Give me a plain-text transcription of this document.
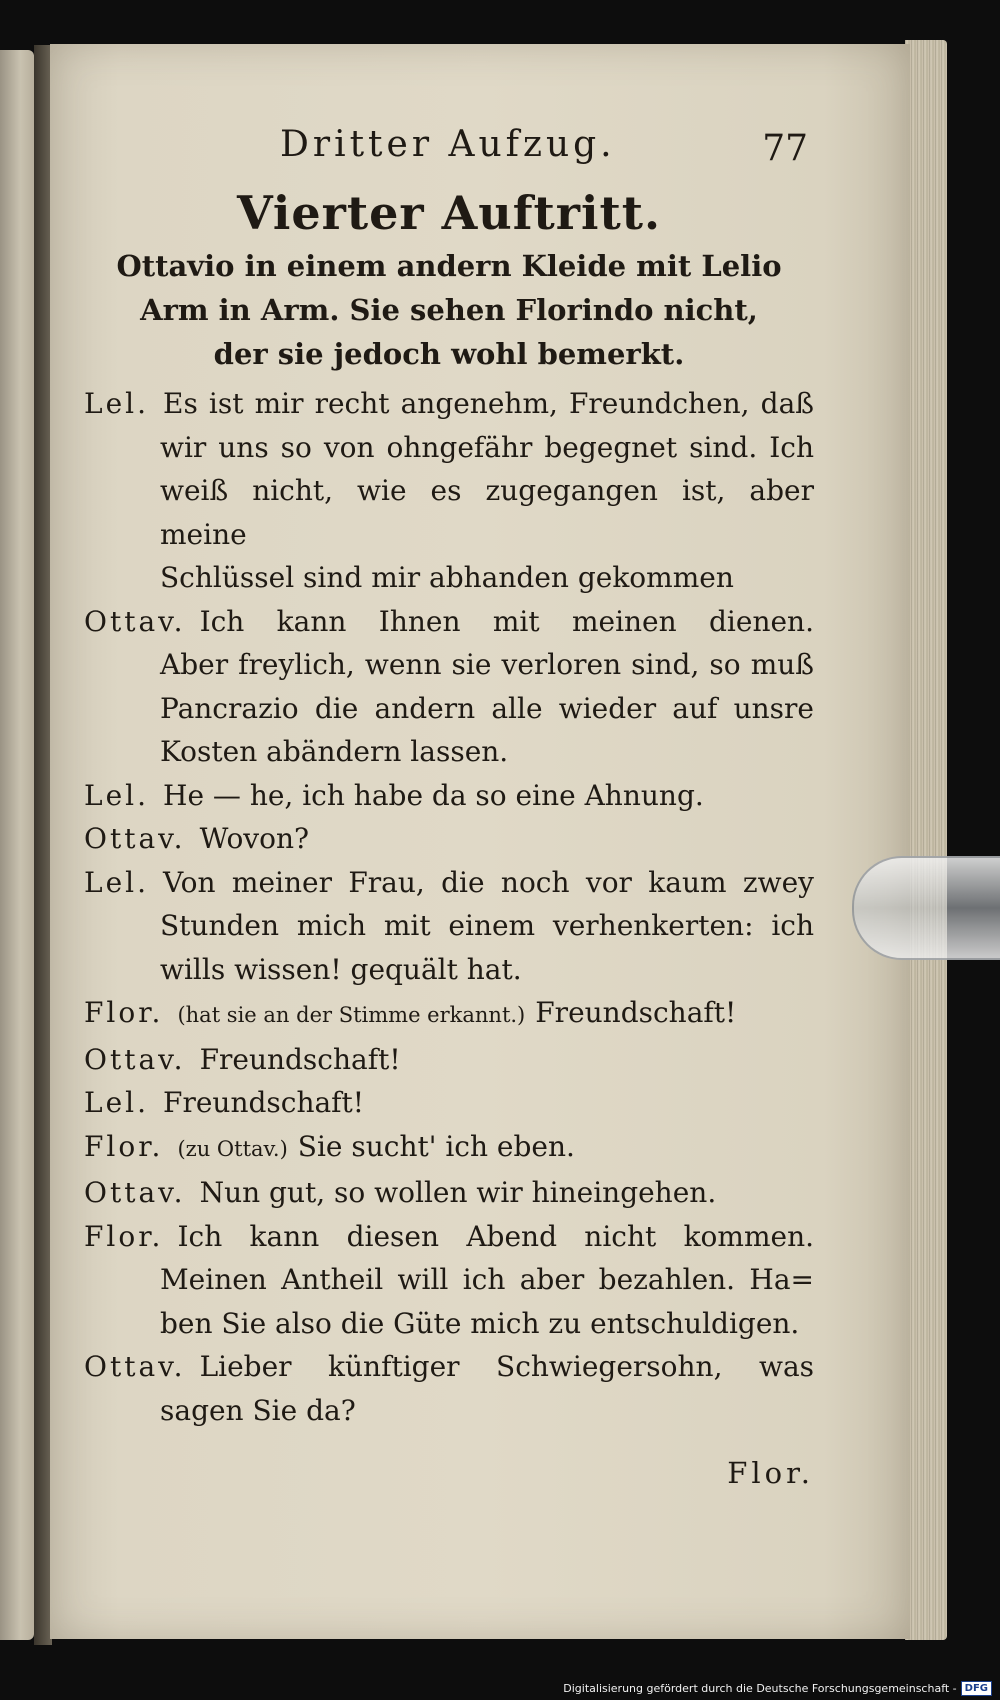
Dritter Aufzug.	77
Vierter Auftritt.
Ottavio in einem andern Kleide mit Lelio
Arm in Arm. Sie sehen Florindo nicht,
der sie jedoch wohl bemerkt.
Lel. Es ist mir recht angenehm, Freundchen, daß
wir uns so von ohngefähr begegnet sind. Ich
weiß nicht, wie es zugegangen ist, aber meine
Schlüssel sind mir abhanden gekommen
Ottav. Ich kann Ihnen mit meinen dienen.
Aber freylich, wenn sie verloren sind, so muß
Pancrazio die andern alle wieder auf unsre
Kosten abändern lassen.
Lel. He — he, ich habe da so eine Ahnung.
Ottav. Wovon?
Lel. Von meiner Frau, die noch vor kaum zwey
Stunden mich mit einem verhenkerten: ich
wills wissen! gequält hat.
Flor. (hat sie an der Stimme erkannt.) Freundschaft!
Ottav. Freundschaft!
Lel. Freundschaft!
Flor. (zu Ottav.) Sie sucht' ich eben.
Ottav. Nun gut, so wollen wir hineingehen.
Flor. Ich kann diesen Abend nicht kommen.
Meinen Antheil will ich aber bezahlen. Ha=
ben Sie also die Güte mich zu entschuldigen.
Ottav. Lieber künftiger Schwiegersohn, was
sagen Sie da?
Flor.
Digitalisierung gefördert durch die Deutsche Forschungsgemeinschaft - DFG
